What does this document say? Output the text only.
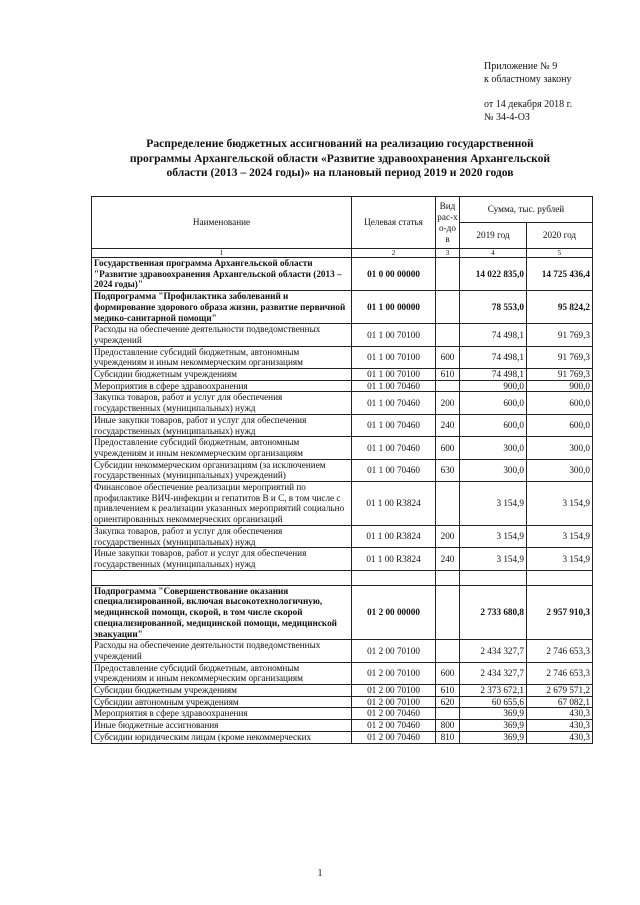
Приложение № 9
к областному закону
от 14 декабря 2018 г.
№ 34-4-ОЗ
Распределение бюджетных ассигнований на реализацию государственной
программы Архангельской области «Развитие здравоохранения Архангельской
области (2013 – 2024 годы)» на плановый период 2019 и 2020 годов
Наименование	Целевая статья	Вид рас-хо-дов	Сумма, тыс. рублей	
			2019 год	2020 год
1	2	3	4	5
Государственная программа Архангельской области "Развитие здравоохранения Архангельской области (2013 – 2024 годы)"	01 0 00 00000		14 022 835,0	14 725 436,4
Подпрограмма "Профилактика заболеваний и формирование здорового образа жизни, развитие первичной медико-санитарной помощи"	01 1 00 00000		78 553,0	95 824,2
Расходы на обеспечение деятельности подведомственных учреждений	01 1 00 70100		74 498,1	91 769,3
Предоставление субсидий бюджетным, автономным учреждениям и иным некоммерческим организациям	01 1 00 70100	600	74 498,1	91 769,3
Субсидии бюджетным учреждениям	01 1 00 70100	610	74 498,1	91 769,3
Мероприятия в сфере здравоохранения	01 1 00 70460		900,0	900,0
Закупка товаров, работ и услуг для обеспечения государственных (муниципальных) нужд	01 1 00 70460	200	600,0	600,0
Иные закупки товаров, работ и услуг для обеспечения государственных (муниципальных) нужд	01 1 00 70460	240	600,0	600,0
Предоставление субсидий бюджетным, автономным учреждениям и иным некоммерческим организациям	01 1 00 70460	600	300,0	300,0
Субсидии некоммерческим организациям (за исключением государственных (муниципальных) учреждений)	01 1 00 70460	630	300,0	300,0
Финансовое обеспечение реализации мероприятий по профилактике ВИЧ-инфекции и гепатитов B и C, в том числе с привлечением к реализации указанных мероприятий социально ориентированных некоммерческих организаций	01 1 00 R3824		3 154,9	3 154,9
Закупка товаров, работ и услуг для обеспечения государственных (муниципальных) нужд	01 1 00 R3824	200	3 154,9	3 154,9
Иные закупки товаров, работ и услуг для обеспечения государственных (муниципальных) нужд	01 1 00 R3824	240	3 154,9	3 154,9

Подпрограмма "Совершенствование оказания специализированной, включая высокотехнологичную, медицинской помощи, скорой, в том числе скорой специализированной, медицинской помощи, медицинской эвакуации"	01 2 00 00000		2 733 680,8	2 957 910,3
Расходы на обеспечение деятельности подведомственных учреждений	01 2 00 70100		2 434 327,7	2 746 653,3
Предоставление субсидий бюджетным, автономным учреждениям и иным некоммерческим организациям	01 2 00 70100	600	2 434 327,7	2 746 653,3
Субсидии бюджетным учреждениям	01 2 00 70100	610	2 373 672,1	2 679 571,2
Субсидии автономным учреждениям	01 2 00 70100	620	60 655,6	67 082,1
Мероприятия в сфере здравоохранения	01 2 00 70460		369,9	430,3
Иные бюджетные ассигнования	01 2 00 70460	800	369,9	430,3
Субсидии юридическим лицам (кроме некоммерческих	01 2 00 70460	810	369,9	430,3
1
